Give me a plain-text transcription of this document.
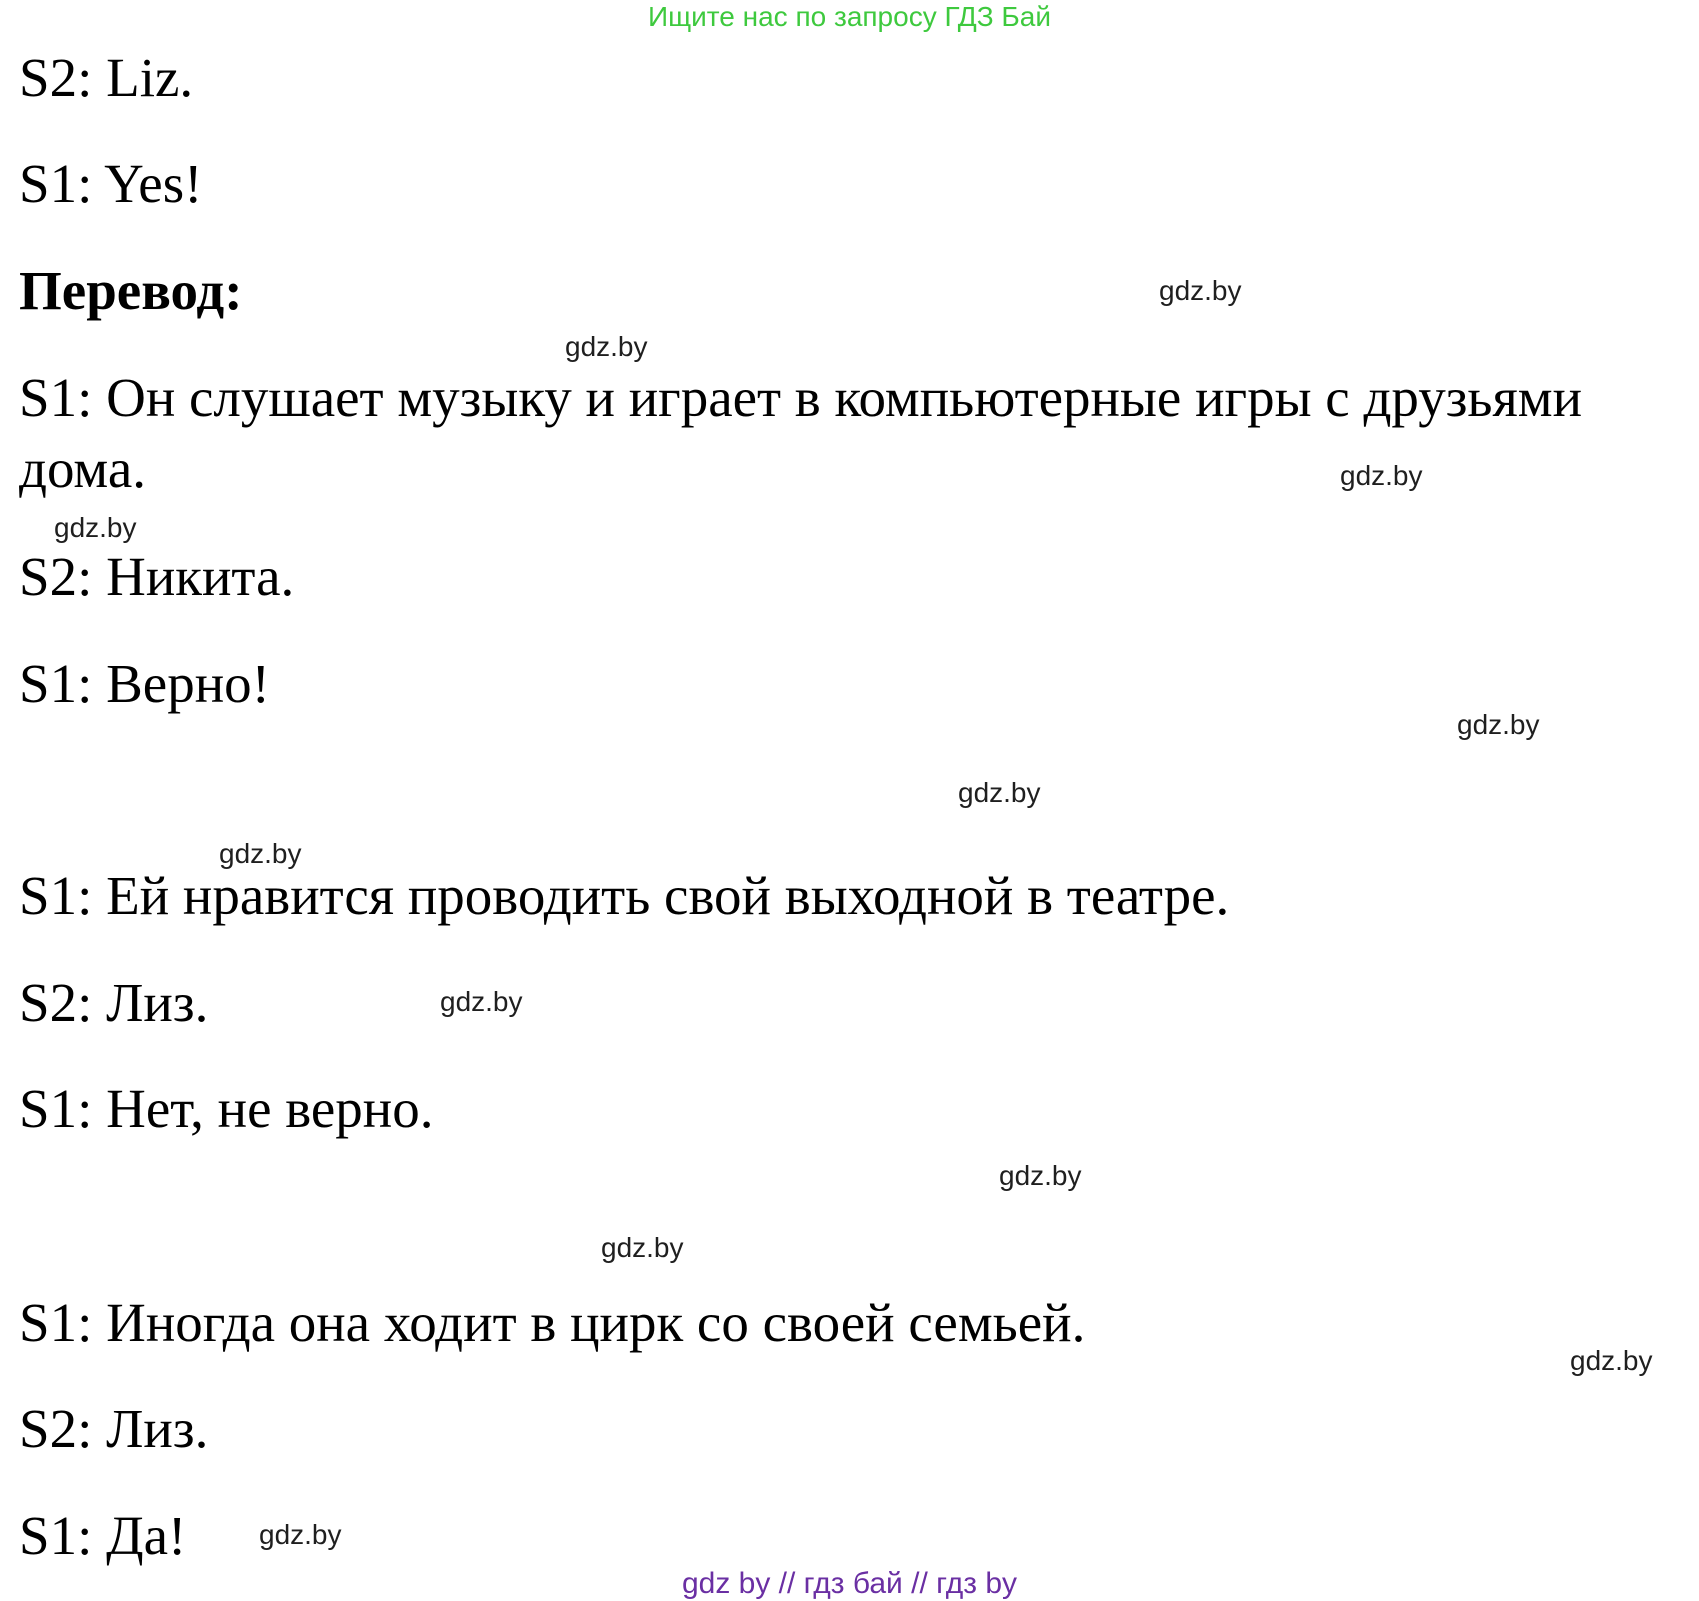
Ищите нас по запросу ГДЗ Бай
S2: Liz.
S1: Yes!
Перевод:
S1: Он слушает музыку и играет в компьютерные игры с друзьями
дома.
S2: Никита.
S1: Верно!
S1: Ей нравится проводить свой выходной в театре.
S2: Лиз.
S1: Нет, не верно.
S1: Иногда она ходит в цирк со своей семьей.
S2: Лиз.
S1: Да!
gdz.by
gdz.by
gdz.by
gdz.by
gdz.by
gdz.by
gdz.by
gdz.by
gdz.by
gdz.by
gdz.by
gdz.by
gdz by // гдз бай // гдз by
